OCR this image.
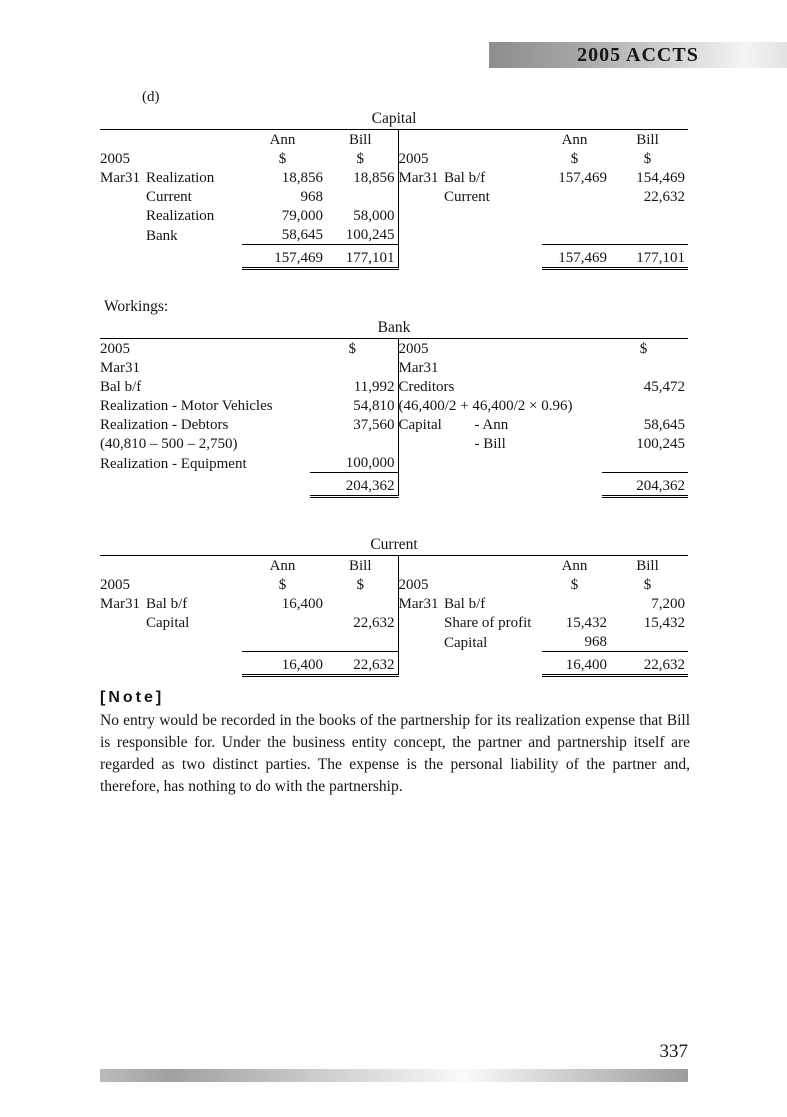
2005 ACCTS
(d)
Capital
		Ann	Bill			Ann	Bill
2005		$	$	2005		$	$
Mar31	Realization	18,856	18,856	Mar31	Bal b/f	157,469	154,469
	Current	968			Current		22,632
	Realization	79,000	58,000				
	Bank	58,645	100,245				
		157,469	177,101			157,469	177,101
Workings:
Bank
2005	$	2005	$
Mar31		Mar31	
Bal b/f	11,992	Creditors	45,472
Realization - Motor Vehicles	54,810	(46,400/2 + 46,400/2 × 0.96)	
Realization - Debtors	37,560	Capital - Ann	58,645
(40,810 – 500 – 2,750)		- Bill	100,245
Realization - Equipment	100,000		
	204,362		204,362
Current
		Ann	Bill			Ann	Bill
2005		$	$	2005		$	$
Mar31	Bal b/f	16,400		Mar31	Bal b/f		7,200
	Capital		22,632		Share of profit	15,432	15,432
					Capital	968	
		16,400	22,632			16,400	22,632
[Note]
No entry would be recorded in the books of the partnership for its realization expense that Bill is responsible for. Under the business entity concept, the partner and partnership itself are regarded as two distinct parties. The expense is the personal liability of the partner and, therefore, has nothing to do with the partnership.
337
